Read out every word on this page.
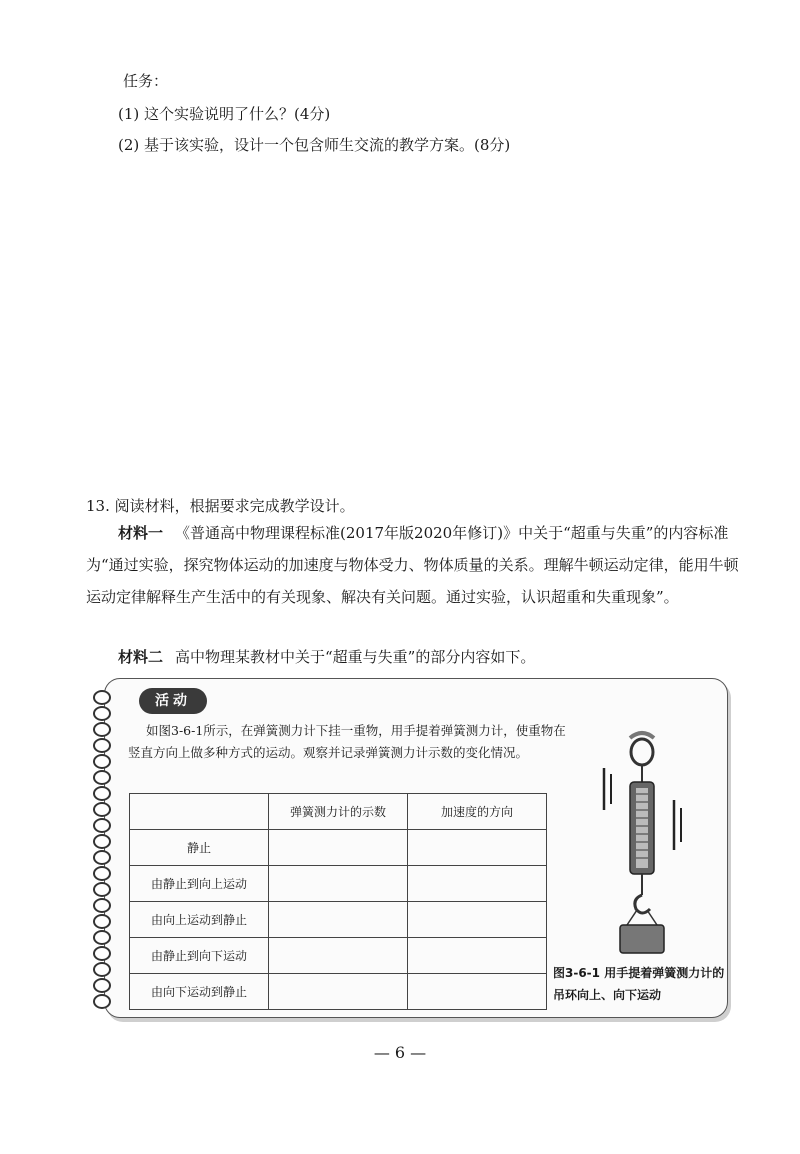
任务：
(1) 这个实验说明了什么？(4分)
(2) 基于该实验，设计一个包含师生交流的教学方案。(8分)
13. 阅读材料，根据要求完成教学设计。
材料一 《普通高中物理课程标准(2017年版2020年修订)》中关于“超重与失重”的内容标准为“通过实验，探究物体运动的加速度与物体受力、物体质量的关系。理解牛顿运动定律，能用牛顿运动定律解释生产生活中的有关现象、解决有关问题。通过实验，认识超重和失重现象”。
材料二 高中物理某教材中关于“超重与失重”的部分内容如下。
活动
如图3-6-1所示，在弹簧测力计下挂一重物，用手提着弹簧测力计，使重物在竖直方向上做多种方式的运动。观察并记录弹簧测力计示数的变化情况。
	弹簧测力计的示数	加速度的方向
静止		
由静止到向上运动		
由向上运动到静止		
由静止到向下运动		
由向下运动到静止		
图3-6-1 用手提着弹簧测力计的吊环向上、向下运动
— 6 —
